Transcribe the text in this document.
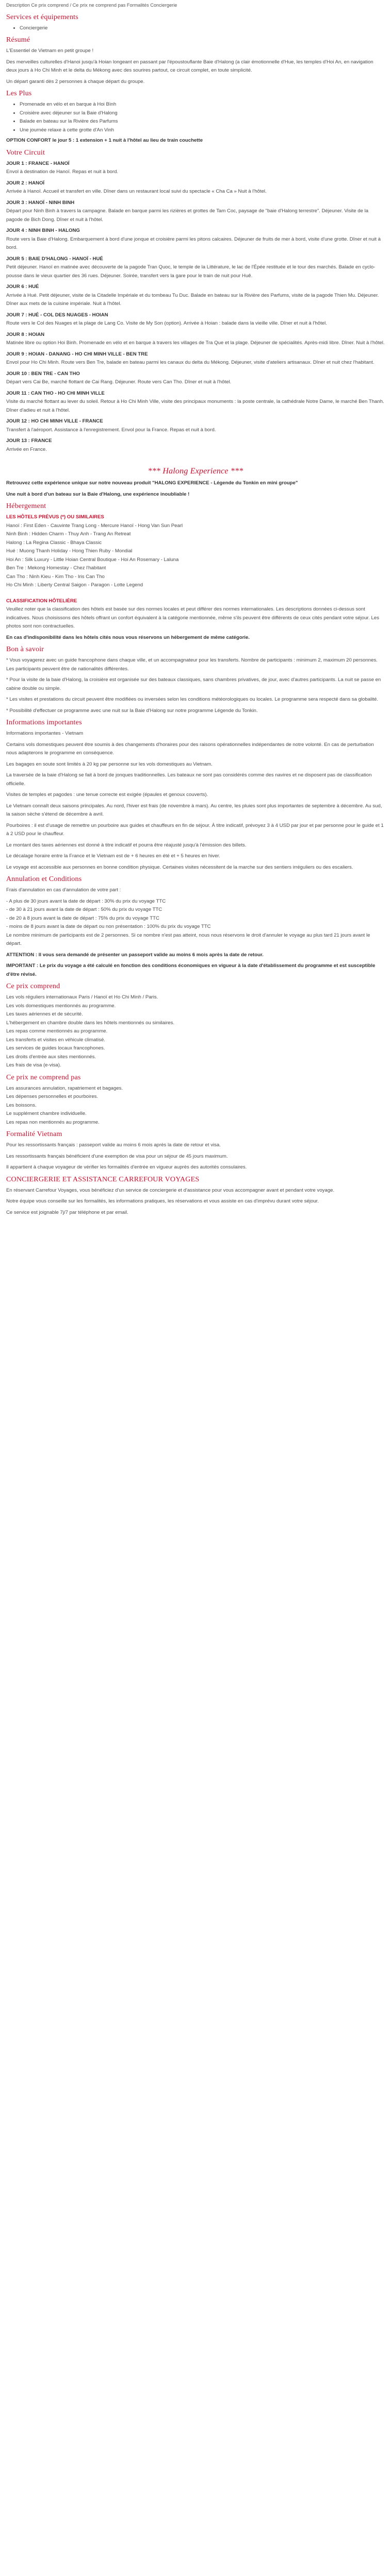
Description Ce prix comprend / Ce prix ne comprend pas Formalités Conciergerie
Services et équipements
• Conciergerie
Résumé

L'Essentiel de Vietnam en petit groupe !

Des merveilles culturelles d'Hanoi jusqu'à Hoian longeant en passant par l'époustouflante Baie d'Halong (a clair émotionnelle d'Hue, les temples d'Hoi An, en navigation deux jours à Ho Chi Minh et le delta du Mékong avec des sourires partout, ce circuit complet, en toute simplicité.

Un départ garanti dès 2 personnes à chaque départ du groupe.

Les Plus
• Promenade en vélo et en barque à Hoi Bình
• Croisière avec déjeuner sur la Baie d'Halong
• Balade en bateau sur la Rivière des Parfums
• Une journée relaxe à cette grotte d'An Vinh

OPTION CONFORT le jour 5 : 1 extension + 1 nuit à l'hôtel au lieu de train couchette

Votre Circuit
JOUR 1 : FRANCE - HANOÏ

Envol à destination de Hanoï. Repas et nuit à bord.

JOUR 2 : HANOÏ

Arrivée à Hanoï. Accueil et transfert en ville. Dîner dans un restaurant local suivi du spectacle « Cha Ca » Nuit à l'hôtel.

JOUR 3 : HANOÏ - NINH BINH

Départ pour Ninh Binh à travers la campagne. Balade en barque parmi les rizières et grottes de Tam Coc, paysage de "baie d'Halong terrestre". Déjeuner. Visite de la pagode de Bich Dong. Dîner et nuit à l'hôtel.

JOUR 4 : NINH BINH - HALONG

Route vers la Baie d'Halong. Embarquement à bord d'une jonque et croisière parmi les pitons calcaires. Déjeuner de fruits de mer à bord, visite d'une grotte. Dîner et nuit à bord.

JOUR 5 : BAIE D'HALONG - HANOÏ - HUÉ

Petit déjeuner. Hanoï en matinée avec découverte de la pagode Tran Quoc, le temple de la Littérature, le lac de l'Épée restituée et le tour des marchés. Balade en cyclo-pousse dans le vieux quartier des 36 rues. Déjeuner. Soirée, transfert vers la gare pour le train de nuit pour Huê.

JOUR 6 : HUÉ

Arrivée à Hué. Petit déjeuner, visite de la Citadelle Impériale et du tombeau Tu Duc. Balade en bateau sur la Rivière des Parfums, visite de la pagode Thien Mu. Déjeuner. Dîner aux mets de la cuisine impériale. Nuit à l'hôtel.

JOUR 7 : HUÉ - COL DES NUAGES - HOIAN

Route vers le Col des Nuages et la plage de Lang Co. Visite de My Son (option). Arrivée à Hoian : balade dans la vieille ville. Dîner et nuit à l'hôtel.

JOUR 8 : HOIAN

Matinée libre ou option Hoi Binh. Promenade en vélo et en barque à travers les villages de Tra Que et la plage. Déjeuner de spécialités. Après-midi libre. Dîner. Nuit à l'hôtel.

JOUR 9 : HOIAN - DANANG - HO CHI MINH VILLE - BEN TRE

Envol pour Ho Chi Minh. Route vers Ben Tre, balade en bateau parmi les canaux du delta du Mékong. Déjeuner, visite d'ateliers artisanaux. Dîner et nuit chez l'habitant.

JOUR 10 : BEN TRE - CAN THO

Départ vers Cai Be, marché flottant de Cai Rang. Déjeuner. Route vers Can Tho. Dîner et nuit à l'hôtel.

JOUR 11 : CAN THO - HO CHI MINH VILLE

Visite du marché flottant au lever du soleil. Retour à Ho Chi Minh Ville, visite des principaux monuments : la poste centrale, la cathédrale Notre Dame, le marché Ben Thanh. Dîner d'adieu et nuit à l'hôtel.

JOUR 12 : HO CHI MINH VILLE - FRANCE

Transfert à l'aéroport. Assistance à l'enregistrement. Envol pour la France. Repas et nuit à bord.

JOUR 13 : FRANCE

Arrivée en France.

*** Halong Experience ***

Retrouvez cette expérience unique sur notre nouveau produit "HALONG EXPERIENCE - Légende du Tonkin en mini groupe"

Une nuit à bord d'un bateau sur la Baie d'Halong, une expérience inoubliable !

Hébergement
LES HÔTELS PRÉVUS (*) OU SIMILAIRES
Hanoï : First Eden - Cauvinte Trang Long - Mercure Hanoï - Hong Van Sun Pearl
Ninh Binh : Hidden Charm - Thuy Anh - Trang An Retreat
Halong : La Regina Classic - Bhaya Classic
Hué : Muong Thanh Holiday - Hong Thien Ruby - Mondial
Hoi An : Silk Luxury - Little Hoian Central Boutique - Hoi An Rosemary - Laluna
Ben Tre : Mekong Homestay - Chez l'habitant
Can Tho : Ninh Kieu - Kim Tho - Iris Can Tho
Ho Chi Minh : Liberty Central Saigon - Paragon - Lotte Legend
CLASSIFICATION HÔTELIÈRE

Veuillez noter que la classification des hôtels est basée sur des normes locales et peut différer des normes internationales. Les descriptions données ci-dessus sont indicatives. Nous choisissons des hôtels offrant un confort équivalent à la catégorie mentionnée, même s'ils peuvent être différents de ceux cités pendant votre séjour. Les photos sont non contractuelles.

En cas d'indisponibilité dans les hôtels cités nous vous réservons un hébergement de même catégorie.

Bon à savoir

* Vous voyagerez avec un guide francophone dans chaque ville, et un accompagnateur pour les transferts. Nombre de participants : minimum 2, maximum 20 personnes. Les participants peuvent être de nationalités différentes.

* Pour la visite de la baie d'Halong, la croisière est organisée sur des bateaux classiques, sans chambres privatives, de jour, avec d'autres participants. La nuit se passe en cabine double ou simple.

* Les visites et prestations du circuit peuvent être modifiées ou inversées selon les conditions météorologiques ou locales. Le programme sera respecté dans sa globalité.

* Possibilité d'effectuer ce programme avec une nuit sur la Baie d'Halong sur notre programme Légende du Tonkin.

Informations importantes

Informations importantes - Vietnam

Certains vols domestiques peuvent être soumis à des changements d'horaires pour des raisons opérationnelles indépendantes de notre volonté. En cas de perturbation nous adapterons le programme en conséquence.

Les bagages en soute sont limités à 20 kg par personne sur les vols domestiques au Vietnam.

La traversée de la baie d'Halong se fait à bord de jonques traditionnelles. Les bateaux ne sont pas considérés comme des navires et ne disposent pas de classification officielle.

Visites de temples et pagodes : une tenue correcte est exigée (épaules et genoux couverts).

Le Vietnam connaît deux saisons principales. Au nord, l'hiver est frais (de novembre à mars). Au centre, les pluies sont plus importantes de septembre à décembre. Au sud, la saison sèche s'étend de décembre à avril.

Pourboires : il est d'usage de remettre un pourboire aux guides et chauffeurs en fin de séjour. À titre indicatif, prévoyez 3 à 4 USD par jour et par personne pour le guide et 1 à 2 USD pour le chauffeur.

Le montant des taxes aériennes est donné à titre indicatif et pourra être réajusté jusqu'à l'émission des billets.

Le décalage horaire entre la France et le Vietnam est de + 6 heures en été et + 5 heures en hiver.

Le voyage est accessible aux personnes en bonne condition physique. Certaines visites nécessitent de la marche sur des sentiers irréguliers ou des escaliers.

Annulation et Conditions

Frais d'annulation en cas d'annulation de votre part :

- A plus de 30 jours avant la date de départ : 30% du prix du voyage TTC
- de 30 à 21 jours avant la date de départ : 50% du prix du voyage TTC
- de 20 à 8 jours avant la date de départ : 75% du prix du voyage TTC
- moins de 8 jours avant la date de départ ou non présentation : 100% du prix du voyage TTC

Le nombre minimum de participants est de 2 personnes. Si ce nombre n'est pas atteint, nous nous réservons le droit d'annuler le voyage au plus tard 21 jours avant le départ.

ATTENTION : Il vous sera demandé de présenter un passeport valide au moins 6 mois après la date de retour.

IMPORTANT : Le prix du voyage a été calculé en fonction des conditions économiques en vigueur à la date d'établissement du programme et est susceptible d'être révisé.

Ce prix comprend
Les vols réguliers internationaux Paris / Hanoï et Ho Chi Minh / Paris.
Les vols domestiques mentionnés au programme.
Les taxes aériennes et de sécurité.
L'hébergement en chambre double dans les hôtels mentionnés ou similaires.
Les repas comme mentionnés au programme.
Les transferts et visites en véhicule climatisé.
Les services de guides locaux francophones.
Les droits d'entrée aux sites mentionnés.
Les frais de visa (e-visa).
Ce prix ne comprend pas
Les assurances annulation, rapatriement et bagages.
Les dépenses personnelles et pourboires.
Les boissons.
Le supplément chambre individuelle.
Les repas non mentionnés au programme.
Formalité Vietnam

Pour les ressortissants français : passeport valide au moins 6 mois après la date de retour et visa.

Les ressortissants français bénéficient d'une exemption de visa pour un séjour de 45 jours maximum.

Il appartient à chaque voyageur de vérifier les formalités d'entrée en vigueur auprès des autorités consulaires.

CONCIERGERIE ET ASSISTANCE CARREFOUR VOYAGES

En réservant Carrefour Voyages, vous bénéficiez d'un service de conciergerie et d'assistance pour vous accompagner avant et pendant votre voyage.

Notre équipe vous conseille sur les formalités, les informations pratiques, les réservations et vous assiste en cas d'imprévu durant votre séjour.

Ce service est joignable 7j/7 par téléphone et par email.
